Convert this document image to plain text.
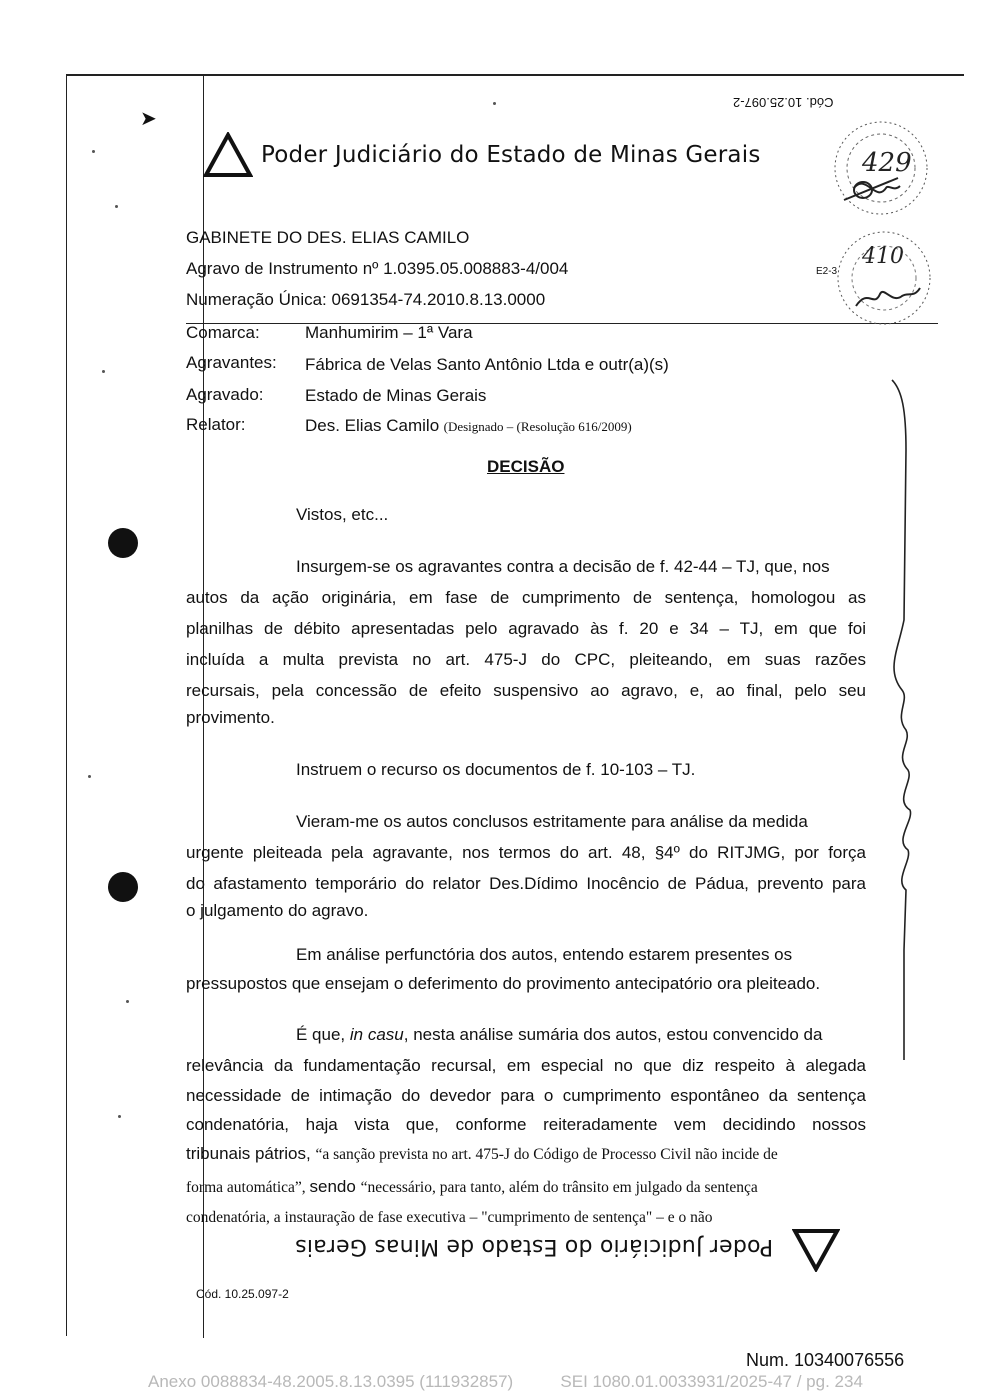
➤
Cód. 10.25.097-2
Poder Judiciário do Estado de Minas Gerais	429
410
E2-3
GABINETE DO DES. ELIAS CAMILO
Agravo de Instrumento nº 1.0395.05.008883-4/004
Numeração Única: 0691354-74.2010.8.13.0000
Comarca:	Manhumirim – 1ª Vara
Agravantes: Fábrica de Velas Santo Antônio Ltda e outr(a)(s)
Agravado: Estado de Minas Gerais
Relator:	Des. Elias Camilo (Designado – (Resolução 616/2009)
DECISÃO
Vistos, etc...
Insurgem-se os agravantes contra a decisão de f. 42-44 – TJ, que, nos
autos da ação originária, em fase de cumprimento de sentença, homologou as
planilhas de débito apresentadas pelo agravado às f. 20 e 34 – TJ, em que foi
incluída a multa prevista no art. 475-J do CPC, pleiteando, em suas razões
recursais, pela concessão de efeito suspensivo ao agravo, e, ao final, pelo seu
provimento.
Instruem o recurso os documentos de f. 10-103 – TJ.
Vieram-me os autos conclusos estritamente para análise da medida
urgente pleiteada pela agravante, nos termos do art. 48, §4º do RITJMG, por força
do afastamento temporário do relator Des.Dídimo Inocêncio de Pádua, prevento para
o julgamento do agravo.
Em análise perfunctória dos autos, entendo estarem presentes os
pressupostos que ensejam o deferimento do provimento antecipatório ora pleiteado.
É que, in casu, nesta análise sumária dos autos, estou convencido da
relevância da fundamentação recursal, em especial no que diz respeito à alegada
necessidade de intimação do devedor para o cumprimento espontâneo da sentença
condenatória, haja vista que, conforme reiteradamente vem decidindo nossos
tribunais pátrios, “a sanção prevista no art. 475-J do Código de Processo Civil não incide de
forma automática”, sendo “necessário, para tanto, além do trânsito em julgado da sentença
condenatória, a instauração de fase executiva – "cumprimento de sentença" – e o não
Poder Judiciário do Estado de Minas Gerais
Cód. 10.25.097-2
Num. 10340076556
Anexo 0088834-48.2005.8.13.0395 (111932857)          SEI 1080.01.0033931/2025-47 / pg. 234
